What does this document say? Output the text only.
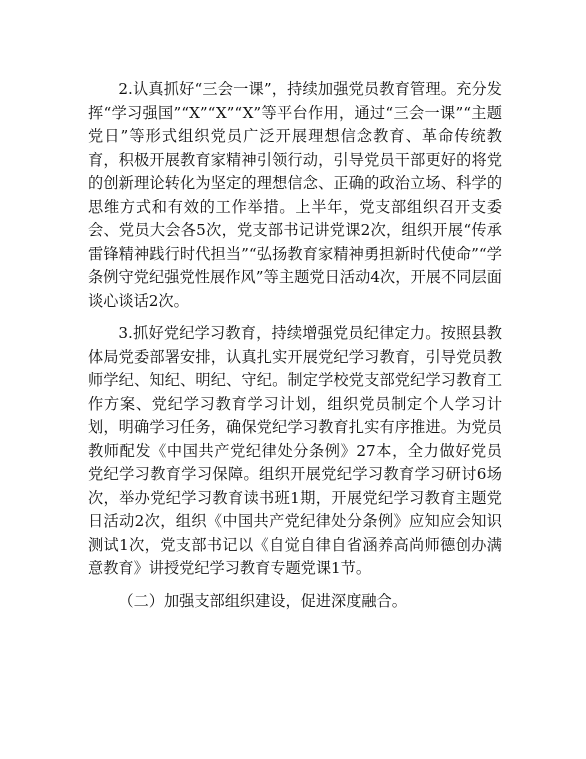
2.认真抓好“三会一课”，持续加强党员教育管理。充分发挥“学习强国”“X”“X”“X”等平台作用，通过“三会一课”“主题党日”等形式组织党员广泛开展理想信念教育、革命传统教育，积极开展教育家精神引领行动，引导党员干部更好的将党的创新理论转化为坚定的理想信念、正确的政治立场、科学的思维方式和有效的工作举措。上半年，党支部组织召开支委会、党员大会各5次，党支部书记讲党课2次，组织开展“传承雷锋精神践行时代担当”“弘扬教育家精神勇担新时代使命”“学条例守党纪强党性展作风”等主题党日活动4次，开展不同层面谈心谈话2次。

3.抓好党纪学习教育，持续增强党员纪律定力。按照县教体局党委部署安排，认真扎实开展党纪学习教育，引导党员教师学纪、知纪、明纪、守纪。制定学校党支部党纪学习教育工作方案、党纪学习教育学习计划，组织党员制定个人学习计划，明确学习任务，确保党纪学习教育扎实有序推进。为党员教师配发《中国共产党纪律处分条例》27本，全力做好党员党纪学习教育学习保障。组织开展党纪学习教育学习研讨6场次，举办党纪学习教育读书班1期，开展党纪学习教育主题党日活动2次，组织《中国共产党纪律处分条例》应知应会知识测试1次，党支部书记以《自觉自律自省涵养高尚师德创办满意教育》讲授党纪学习教育专题党课1节。

（二）加强支部组织建设，促进深度融合。
